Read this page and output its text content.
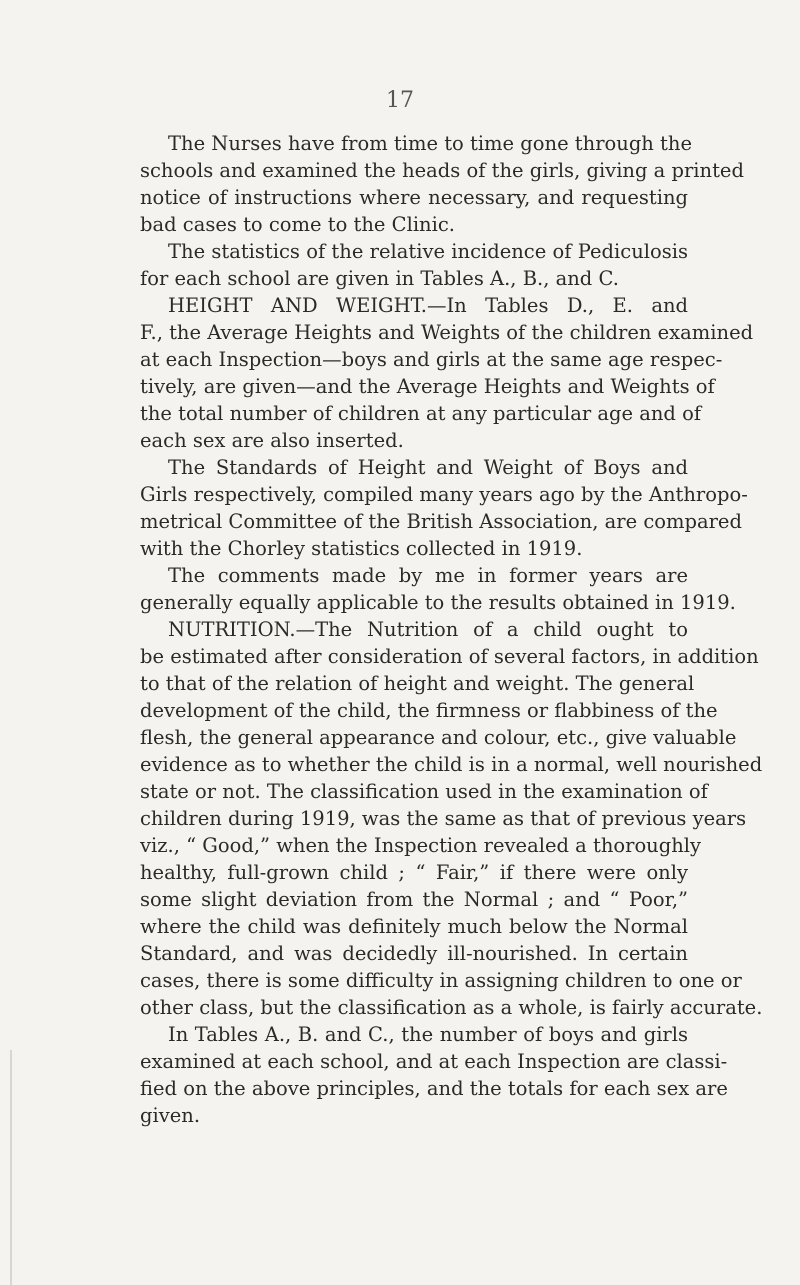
17
The Nurses have from time to time gone through the
schools and examined the heads of the girls, giving a printed
notice of instructions where necessary, and requesting
bad cases to come to the Clinic.
The statistics of the relative incidence of Pediculosis
for each school are given in Tables A., B., and C.
HEIGHT AND WEIGHT.—In Tables D., E. and
F., the Average Heights and Weights of the children examined
at each Inspection—boys and girls at the same age respec-
tively, are given—and the Average Heights and Weights of
the total number of children at any particular age and of
each sex are also inserted.
The Standards of Height and Weight of Boys and
Girls respectively, compiled many years ago by the Anthropo-
metrical Committee of the British Association, are compared
with the Chorley statistics collected in 1919.
The comments made by me in former years are
generally equally applicable to the results obtained in 1919.
NUTRITION.—The Nutrition of a child ought to
be estimated after consideration of several factors, in addition
to that of the relation of height and weight. The general
development of the child, the firmness or flabbiness of the
flesh, the general appearance and colour, etc., give valuable
evidence as to whether the child is in a normal, well nourished
state or not. The classification used in the examination of
children during 1919, was the same as that of previous years
viz., “ Good,” when the Inspection revealed a thoroughly
healthy, full-grown child ; “ Fair,” if there were only
some slight deviation from the Normal ; and “ Poor,”
where the child was definitely much below the Normal
Standard, and was decidedly ill-nourished. In certain
cases, there is some difficulty in assigning children to one or
other class, but the classification as a whole, is fairly accurate.
In Tables A., B. and C., the number of boys and girls
examined at each school, and at each Inspection are classi-
fied on the above principles, and the totals for each sex are
given.
